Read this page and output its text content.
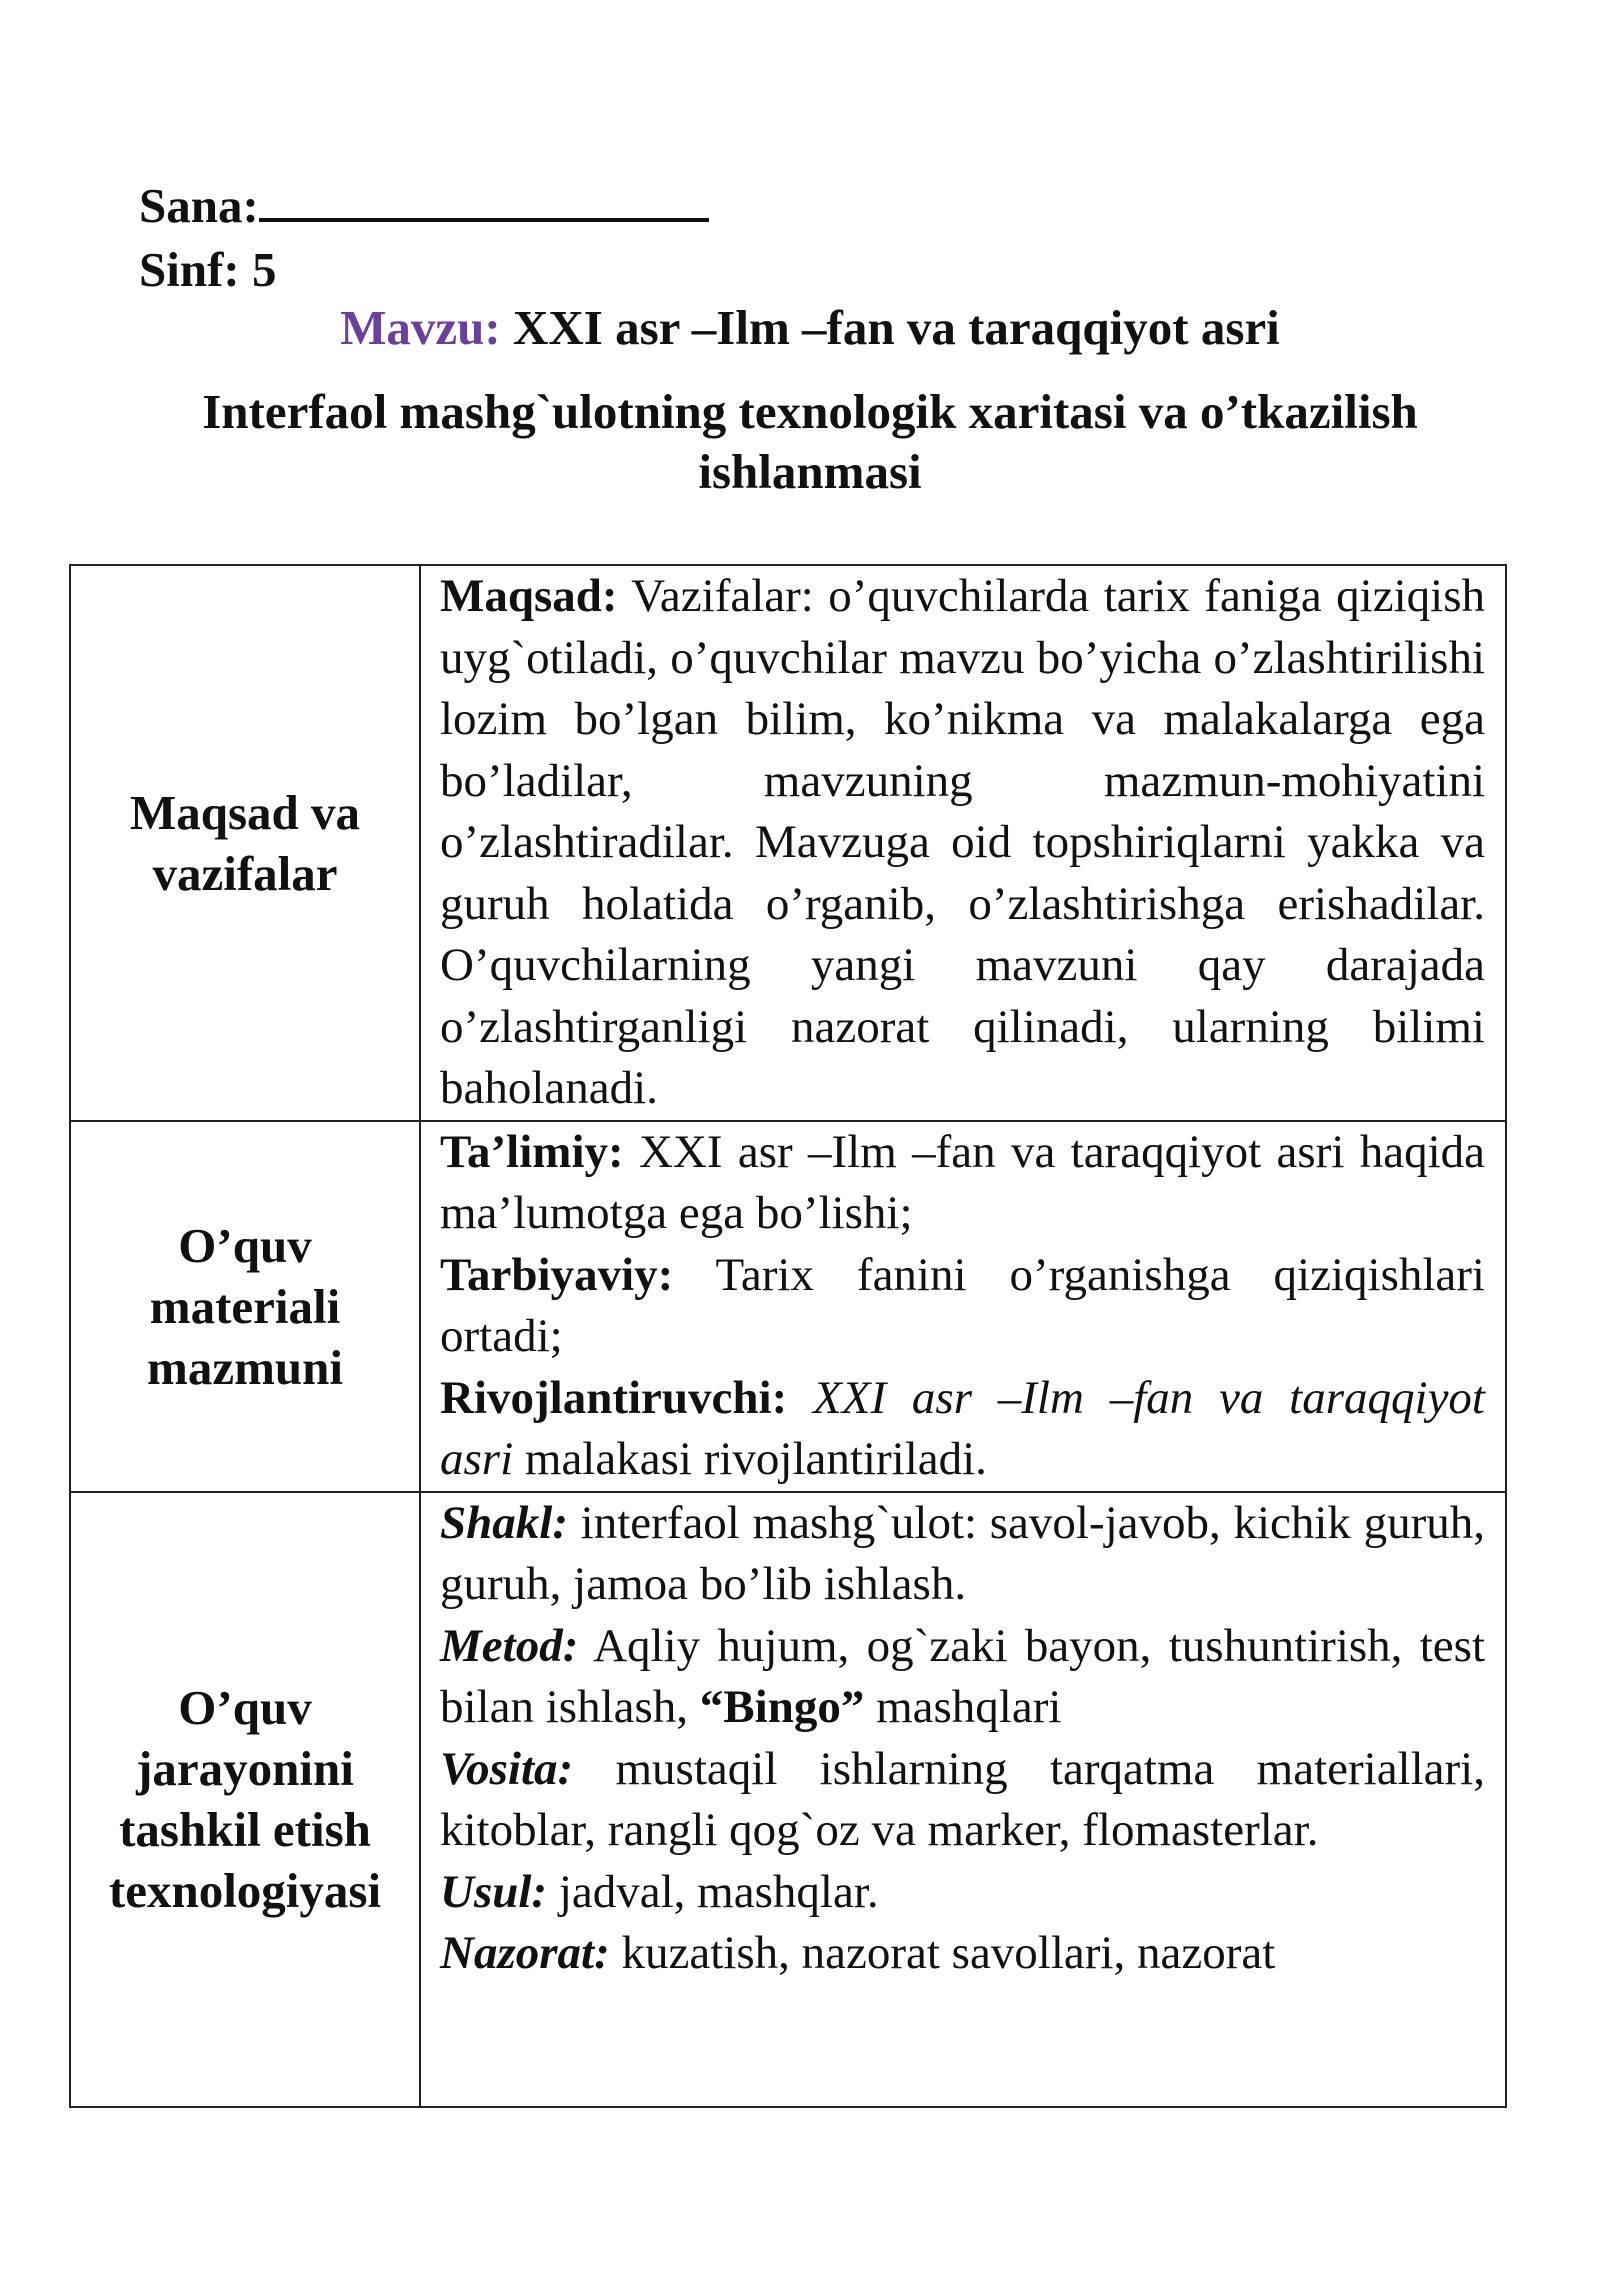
Sana:
Sinf: 5
Mavzu: XXI asr –Ilm –fan va taraqqiyot asri
Interfaol mashg`ulotning texnologik xaritasi va o’tkazilish ishlanmasi
Maqsad va vazifalar	Maqsad: Vazifalar: o’quvchilarda tarix faniga qiziqish uyg`otiladi, o’quvchilar mavzu bo’yicha o’zlashtirilishi lozim bo’lgan bilim, ko’nikma va malakalarga ega bo’ladilar, mavzuning mazmun-mohiyatini o’zlashtiradilar. Mavzuga oid topshiriqlarni yakka va guruh holatida o’rganib, o’zlashtirishga erishadilar. O’quvchilarning yangi mavzuni qay darajada o’zlashtirganligi nazorat qilinadi, ularning bilimi baholanadi.

O’quv materiali mazmuni	Ta’limiy: XXI asr –Ilm –fan va taraqqiyot asri haqida ma’lumotga ega bo’lishi;
Tarbiyaviy: Tarix fanini o’rganishga qiziqishlari ortadi;
Rivojlantiruvchi: XXI asr –Ilm –fan va taraqqiyot asri malakasi rivojlantiriladi.

O’quv jarayonini tashkil etish texnologiyasi	Shakl: interfaol mashg`ulot: savol-javob, kichik guruh, guruh, jamoa bo’lib ishlash.
Metod: Aqliy hujum, og`zaki bayon, tushuntirish, test bilan ishlash, “Bingo” mashqlari
Vosita: mustaqil ishlarning tarqatma materiallari, kitoblar, rangli qog`oz va marker, flomasterlar.
Usul: jadval, mashqlar.
Nazorat: kuzatish, nazorat savollari, nazorat
